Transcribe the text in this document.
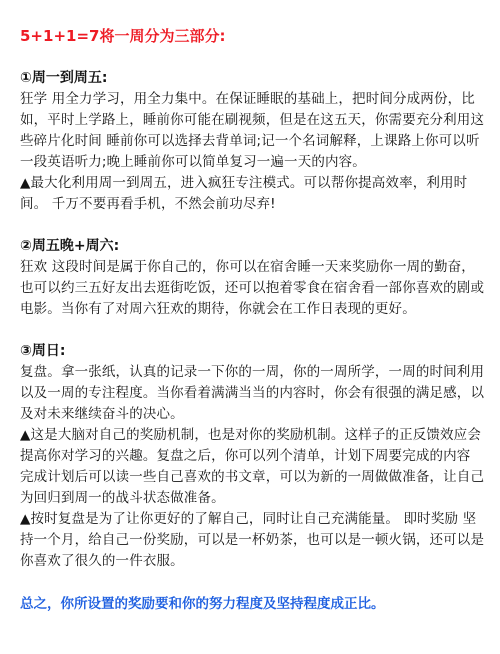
5+1+1=7将一周分为三部分:
①周一到周五:
狂学 用全力学习，用全力集中。在保证睡眠的基础上，把时间分成两份，比如，平时上学路上，睡前你可能在刷视频，但是在这五天，你需要充分利用这些碎片化时间 睡前你可以选择去背单词;记一个名词解释，上课路上你可以听一段英语听力;晚上睡前你可以简单复习一遍一天的内容。
▲最大化利用周一到周五，进入疯狂专注模式。可以帮你提高效率，利用时间。 千万不要再看手机，不然会前功尽弃!
②周五晚+周六:
狂欢 这段时间是属于你自己的，你可以在宿舍睡一天来奖励你一周的勤奋，也可以约三五好友出去逛街吃饭，还可以抱着零食在宿舍看一部你喜欢的剧或电影。当你有了对周六狂欢的期待，你就会在工作日表现的更好。
③周日:
复盘。拿一张纸，认真的记录一下你的一周，你的一周所学，一周的时间利用以及一周的专注程度。当你看着满满当当的内容时，你会有很强的满足感，以及对未来继续奋斗的决心。
▲这是大脑对自己的奖励机制，也是对你的奖励机制。这样子的正反馈效应会提高你对学习的兴趣。复盘之后，你可以列个清单，计划下周要完成的内容 完成计划后可以读一些自己喜欢的书文章，可以为新的一周做做准备，让自己为回归到周一的战斗状态做准备。
▲按时复盘是为了让你更好的了解自己，同时让自己充满能量。 即时奖励 坚持一个月，给自己一份奖励，可以是一杯奶茶，也可以是一顿火锅，还可以是你喜欢了很久的一件衣服。
总之，你所设置的奖励要和你的努力程度及坚持程度成正比。
